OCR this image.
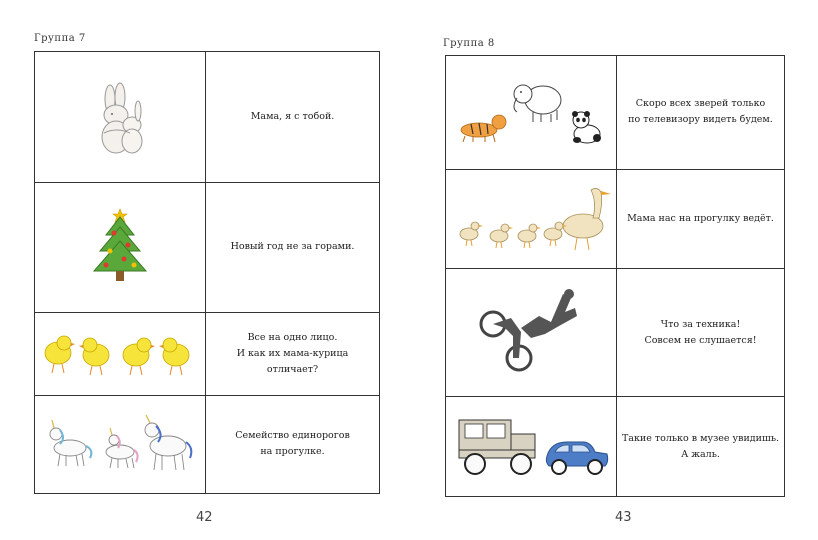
Группа 7

Мама, я с тобой.

Новый год не за горами.

Все на одно лицо.
И как их мама-курица
отличает?

Семейство единорогов
на прогулке.
42
Группа 8

Скоро всех зверей только
по телевизору видеть будем.

Мама нас на прогулку ведёт.

Что за техника!
Совсем не слушается!

Такие только в музее увидишь.
А жаль.
43
